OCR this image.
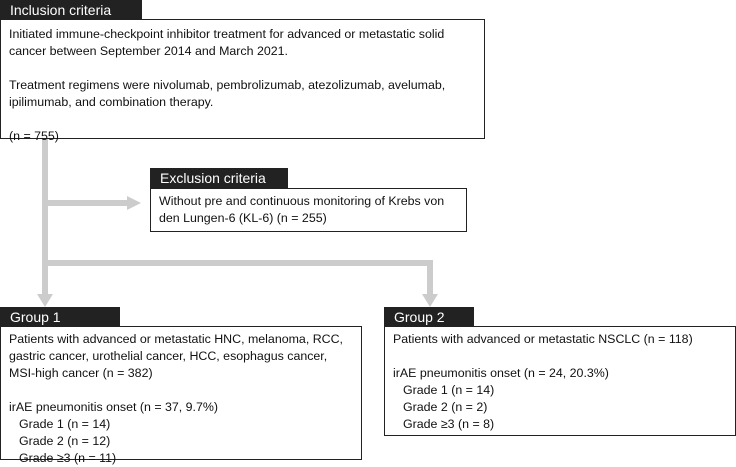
Inclusion criteria

Initiated immune-checkpoint inhibitor treatment for advanced or metastatic solid cancer between September 2014 and March 2021.

Treatment regimens were nivolumab, pembrolizumab, atezolizumab, avelumab, ipilimumab, and combination therapy.

(n = 755)

Exclusion criteria

Without pre and continuous monitoring of Krebs von den Lungen-6 (KL-6) (n = 255)

Group 1

Patients with advanced or metastatic HNC, melanoma, RCC, gastric cancer, urothelial cancer, HCC, esophagus cancer, MSI-high cancer (n = 382)

irAE pneumonitis onset (n = 37, 9.7%)

Grade 1 (n = 14)

Grade 2 (n = 12)

Grade ≥3 (n = 11)

Group 2

Patients with advanced or metastatic NSCLC (n = 118)

irAE pneumonitis onset (n = 24, 20.3%)

Grade 1 (n = 14)

Grade 2 (n = 2)

Grade ≥3 (n = 8)
